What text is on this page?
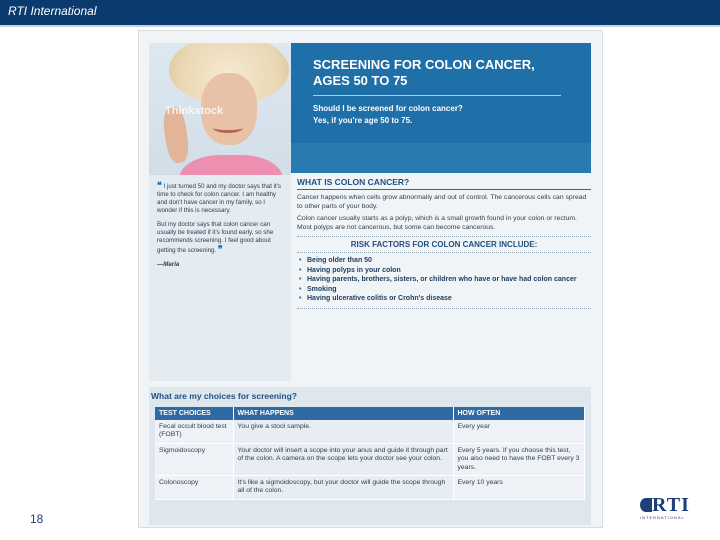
RTI International
Thinkstock
SCREENING FOR COLON CANCER, AGES 50 TO 75
Should I be screened for colon cancer?
Yes, if you're age 50 to 75.

❝ I just turned 50 and my doctor says that it's time to check for colon cancer. I am healthy and don't have cancer in my family, so I wonder if this is necessary.

But my doctor says that colon cancer can usually be treated if it's found early, so she recommends screening. I feel good about getting the screening. ❞

—Maria

WHAT IS COLON CANCER?
Cancer happens when cells grow abnormally and out of control. The cancerous cells can spread to other parts of your body.
Colon cancer usually starts as a polyp, which is a small growth found in your colon or rectum. Most polyps are not cancerous, but some can become cancerous.
RISK FACTORS FOR COLON CANCER INCLUDE:
• Being older than 50
• Having polyps in your colon
• Having parents, brothers, sisters, or children who have or have had colon cancer
• Smoking
• Having ulcerative colitis or Crohn's disease
What are my choices for screening?
TEST CHOICES	WHAT HAPPENS	HOW OFTEN
Fecal occult blood test (FOBT)	You give a stool sample.	Every year
Sigmoidoscopy	Your doctor will insert a scope into your anus and guide it through part of the colon. A camera on the scope lets your doctor see your colon.	Every 5 years. If you choose this test, you also need to have the FOBT every 3 years.
Colonoscopy	It's like a sigmoidoscopy, but your doctor will guide the scope through all of the colon.	Every 10 years
18
RTI
INTERNATIONAL
